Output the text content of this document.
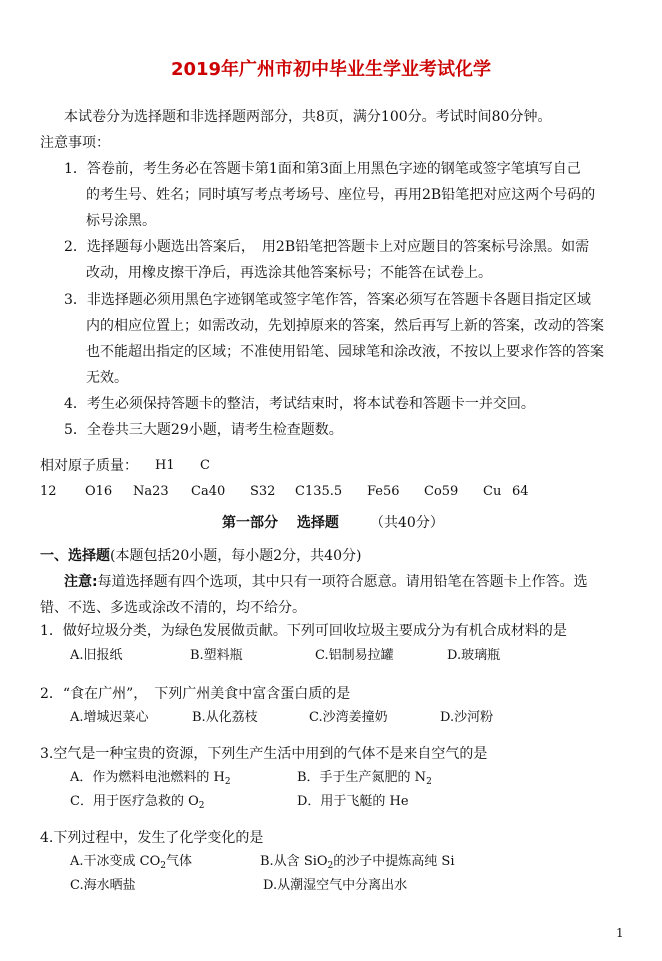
2019年广州市初中毕业生学业考试化学
本试卷分为选择题和非选择题两部分，共8页，满分100分。考试时间80分钟。
注意事项：
1．答卷前，考生务必在答题卡第1面和第3面上用黑色字迹的钢笔或签字笔填写自己
的考生号、姓名；同时填写考点考场号、座位号，再用2B铅笔把对应这两个号码的
标号涂黑。
2．选择题每小题选出答案后，　用2B铅笔把答题卡上对应题目的答案标号涂黑。如需
改动，用橡皮擦干净后，再选涂其他答案标号；不能答在试卷上。
3．非选择题必须用黑色字迹钢笔或签字笔作答，答案必须写在答题卡各题目指定区域
内的相应位置上；如需改动，先划掉原来的答案，然后再写上新的答案，改动的答案
也不能超出指定的区域；不准使用铅笔、园球笔和涂改液，不按以上要求作答的答案
无效。
4．考生必须保持答题卡的整洁，考试结束时，将本试卷和答题卡一并交回。
5．全卷共三大题29小题，请考生检查题数。
相对原子质量： H1 C
12 O16 Na23 Ca40 S32 C135.5 Fe56 Co59 Cu 64
第一部分　 选择题 （共40分）
一、选择题(本题包括20小题，每小题2分，共40分)
注意:每道选择题有四个选项，其中只有一项符合愿意。请用铅笔在答题卡上作答。选
错、不选、多选或涂改不清的，均不给分。
1．做好垃圾分类，为绿色发展做贡献。下列可回收垃圾主要成分为有机合成材料的是
A.旧报纸	B.塑料瓶	C.铝制易拉罐	D.玻璃瓶
2．“食在广州”，　下列广州美食中富含蛋白质的是
A.增城迟菜心	B.从化荔枝	C.沙湾姜撞奶	D.沙河粉
3.空气是一种宝贵的资源，下列生产生活中用到的气体不是来自空气的是
A．作为燃料电池燃料的 $H_2$	B．手于生产氮肥的 $N_2$
C．用于医疗急救的 $O_2$	D．用于飞艇的 He
4.下列过程中，发生了化学变化的是
A.干冰变成 $CO_2$气体	B.从含 SiO$_2$的沙子中提炼高纯 Si
C.海水晒盐	D.从潮湿空气中分离出水
1
